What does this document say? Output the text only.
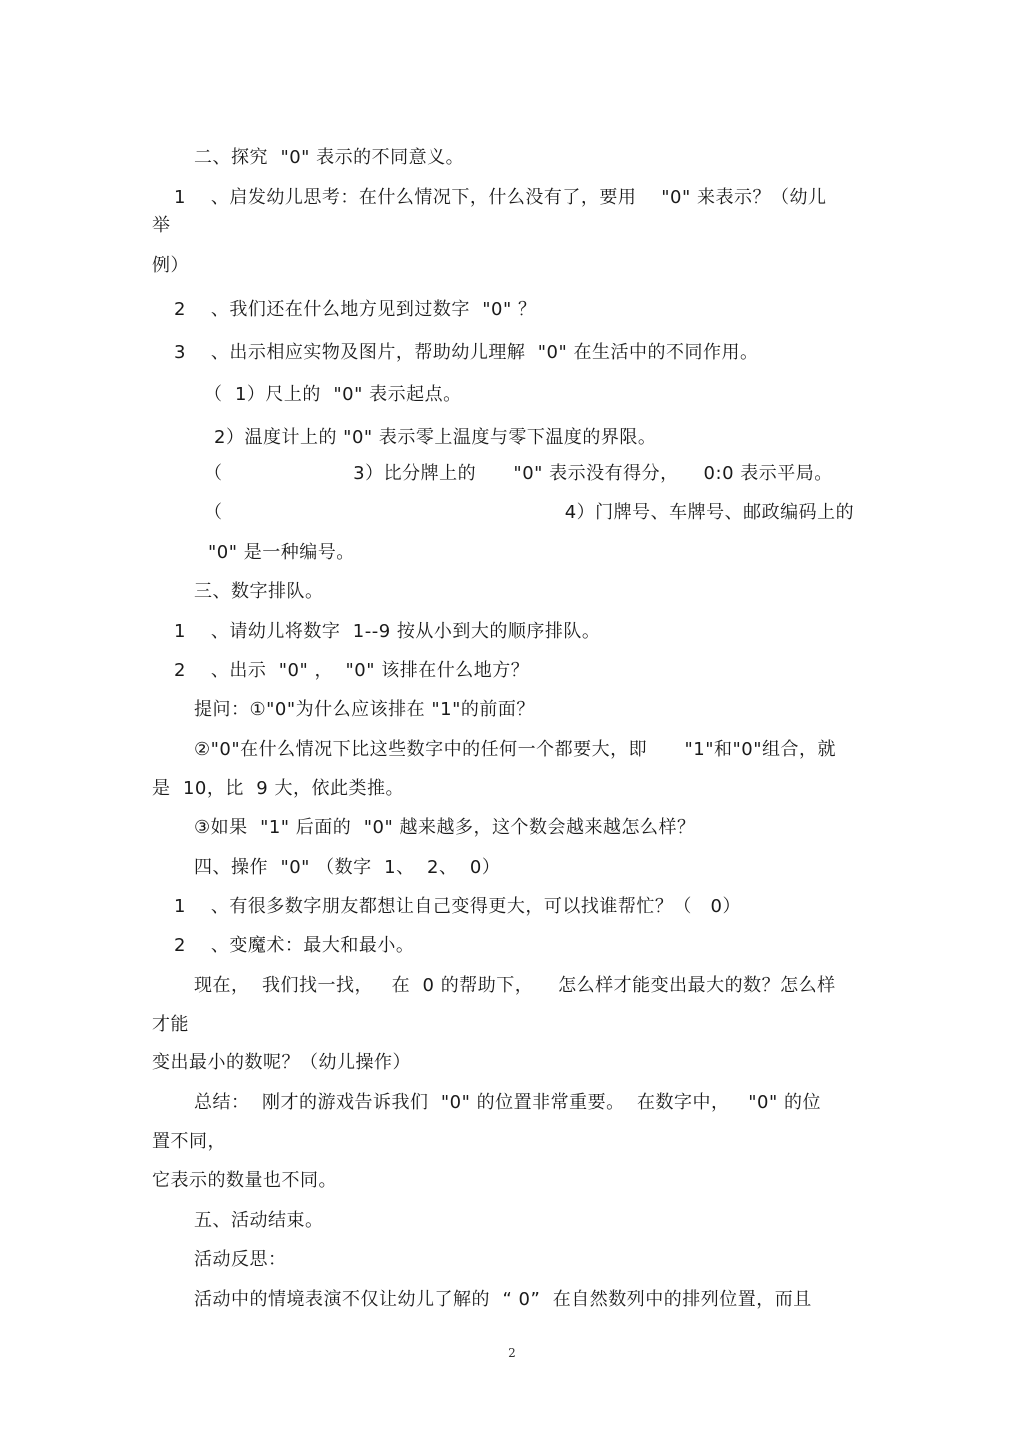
二、探究  "0" 表示的不同意义。
1    、启发幼儿思考：在什么情况下，什么没有了，要用    "0" 来表示？（幼儿
举
例）
2    、我们还在什么地方见到过数字  "0" ？
3    、出示相应实物及图片，帮助幼儿理解  "0" 在生活中的不同作用。
（  1）尺上的  "0" 表示起点。
2）温度计上的 "0" 表示零上温度与零下温度的界限。
（                     3）比分牌上的      "0" 表示没有得分，    0:0 表示平局。
（                                                       4）门牌号、车牌号、邮政编码上的
"0" 是一种编号。
三、数字排队。
1    、请幼儿将数字  1--9 按从小到大的顺序排队。
2    、出示  "0" ，  "0" 该排在什么地方？
提问：①"0"为什么应该排在 "1"的前面？
②"0"在什么情况下比这些数字中的任何一个都要大，即      "1"和"0"组合，就
是  10，比  9 大，依此类推。
③如果  "1" 后面的  "0" 越来越多，这个数会越来越怎么样？
四、操作  "0" （数字  1、  2、  0）
1    、有很多数字朋友都想让自己变得更大，可以找谁帮忙？（   0）
2    、变魔术：最大和最小。
现在，  我们找一找，   在  0 的帮助下，    怎么样才能变出最大的数？怎么样
才能
变出最小的数呢？（幼儿操作）
总结：  刚才的游戏告诉我们  "0" 的位置非常重要。  在数字中，   "0" 的位
置不同，
它表示的数量也不同。
五、活动结束。
活动反思：
活动中的情境表演不仅让幼儿了解的  “ 0”  在自然数列中的排列位置，而且
2
